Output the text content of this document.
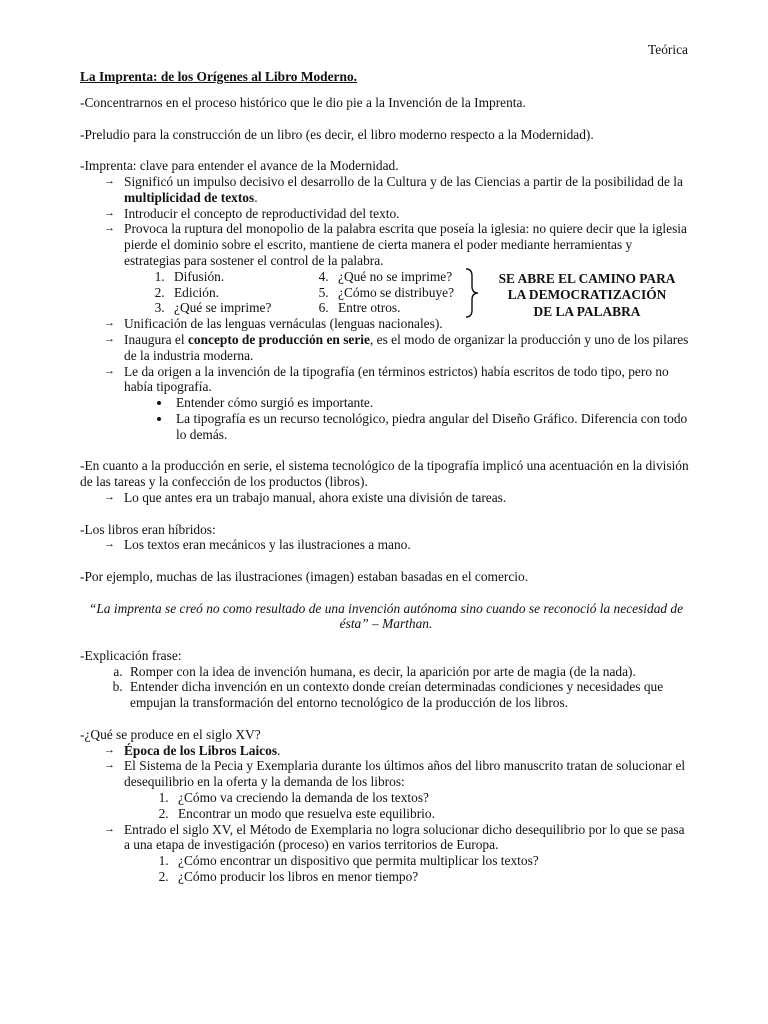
Teórica
La Imprenta: de los Orígenes al Libro Moderno.

-Concentrarnos en el proceso histórico que le dio pie a la Invención de la Imprenta.

-Preludio para la construcción de un libro (es decir, el libro moderno respecto a la Modernidad).

-Imprenta: clave para entender el avance de la Modernidad.

→ Significó un impulso decisivo el desarrollo de la Cultura y de las Ciencias a partir de la posibilidad de la multiplicidad de textos.
→ Introducir el concepto de reproductividad del texto.
→ Provoca la ruptura del monopolio de la palabra escrita que poseía la iglesia: no quiere decir que la iglesia pierde el dominio sobre el escrito, mantiene de cierta manera el poder mediante herramientas y estrategias para sostener el control de la palabra.
1. Difusión.
2. Edición.
3. ¿Qué se imprime?
4. ¿Qué no se imprime?
5. ¿Cómo se distribuye?
6. Entre otros.
SE ABRE EL CAMINO PARA
LA DEMOCRATIZACIÓN
DE LA PALABRA
→ Unificación de las lenguas vernáculas (lenguas nacionales).
→ Inaugura el concepto de producción en serie, es el modo de organizar la producción y uno de los pilares de la industria moderna.
→ Le da origen a la invención de la tipografía (en términos estrictos) había escritos de todo tipo, pero no había tipografía.
• Entender cómo surgió es importante.
• La tipografía es un recurso tecnológico, piedra angular del Diseño Gráfico. Diferencia con todo lo demás.

-En cuanto a la producción en serie, el sistema tecnológico de la tipografía implicó una acentuación en la división de las tareas y la confección de los productos (libros).

→ Lo que antes era un trabajo manual, ahora existe una división de tareas.

-Los libros eran híbridos:

→ Los textos eran mecánicos y las ilustraciones a mano.

-Por ejemplo, muchas de las ilustraciones (imagen) estaban basadas en el comercio.

“La imprenta se creó no como resultado de una invención autónoma sino cuando se reconoció la necesidad de ésta” – Marthan.

-Explicación frase:

a. Romper con la idea de invención humana, es decir, la aparición por arte de magia (de la nada).
b. Entender dicha invención en un contexto donde creían determinadas condiciones y necesidades que empujan la transformación del entorno tecnológico de la producción de los libros.

-¿Qué se produce en el siglo XV?

→ Época de los Libros Laicos.
→ El Sistema de la Pecia y Exemplaria durante los últimos años del libro manuscrito tratan de solucionar el desequilibrio en la oferta y la demanda de los libros:
1. ¿Cómo va creciendo la demanda de los textos?
2. Encontrar un modo que resuelva este equilibrio.
→ Entrado el siglo XV, el Método de Exemplaria no logra solucionar dicho desequilibrio por lo que se pasa a una etapa de investigación (proceso) en varios territorios de Europa.
1. ¿Cómo encontrar un dispositivo que permita multiplicar los textos?
2. ¿Cómo producir los libros en menor tiempo?
